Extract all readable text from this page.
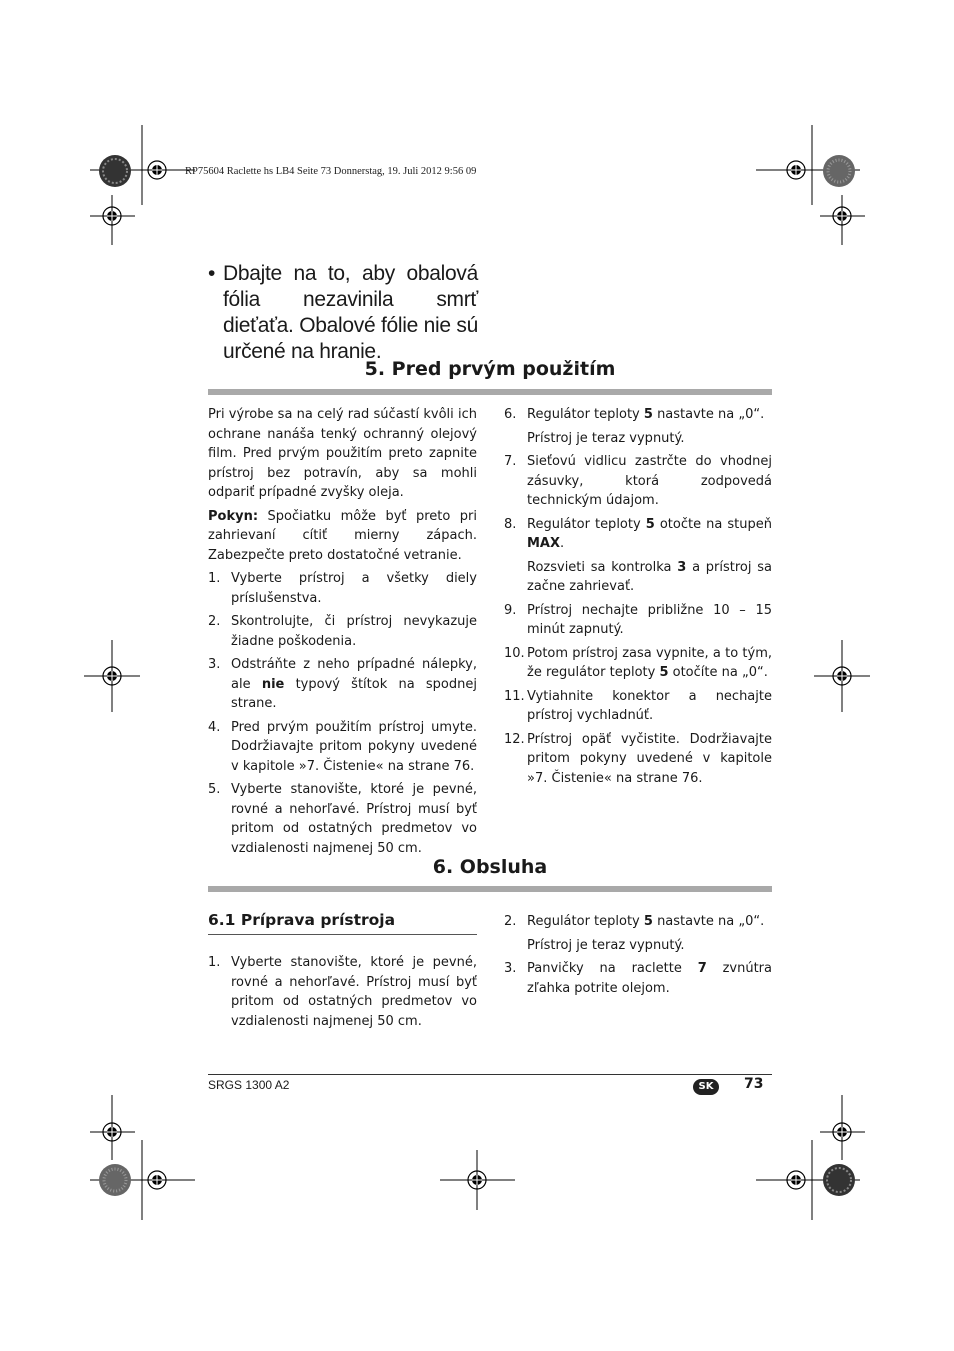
RP75604 Raclette hs LB4 Seite 73 Donnerstag, 19. Juli 2012 9:56 09
• Dbajte na to, aby obalová fólia nezavinila smrť dieťaťa. Obalové fólie nie sú určené na hranie.
5. Pred prvým použitím

Pri výrobe sa na celý rad súčastí kvôli ich ochrane nanáša tenký ochranný olejový film. Pred prvým použitím preto zapnite prístroj bez potravín, aby sa mohli odpariť prípadné zvyšky oleja.

Pokyn: Spočiatku môže byť preto pri zahrievaní cítiť mierny zápach. Zabezpečte preto dostatočné vetranie.

1. Vyberte prístroj a všetky diely príslušenstva.
2. Skontrolujte, či prístroj nevykazuje žiadne poškodenia.
3. Odstráňte z neho prípadné nálepky, ale nie typový štítok na spodnej strane.
4. Pred prvým použitím prístroj umyte. Dodržiavajte pritom pokyny uvedené v kapitole »7. Čistenie« na strane 76.
5. Vyberte stanovište, ktoré je pevné, rovné a nehorľavé. Prístroj musí byť pritom od ostatných predmetov vo vzdialenosti najmenej 50 cm.
6. Regulátor teploty 5 nastavte na „0“.
Prístroj je teraz vypnutý.
7. Sieťovú vidlicu zastrčte do vhodnej zásuvky, ktorá zodpovedá technickým údajom.
8. Regulátor teploty 5 otočte na stupeň MAX.
Rozsvieti sa kontrolka 3 a prístroj sa začne zahrievať.
9. Prístroj nechajte približne 10 – 15 minút zapnutý.
10. Potom prístroj zasa vypnite, a to tým, že regulátor teploty 5 otočíte na „0“.
11. Vytiahnite konektor a nechajte prístroj vychladnúť.
12. Prístroj opäť vyčistite. Dodržiavajte pritom pokyny uvedené v kapitole »7. Čistenie« na strane 76.
6. Obsluha
6.1 Príprava prístroja
1. Vyberte stanovište, ktoré je pevné, rovné a nehorľavé. Prístroj musí byť pritom od ostatných predmetov vo vzdialenosti najmenej 50 cm.
2. Regulátor teploty 5 nastavte na „0“.
Prístroj je teraz vypnutý.
3. Panvičky na raclette 7 zvnútra zľahka potrite olejom.
SRGS 1300 A2	SK	73
